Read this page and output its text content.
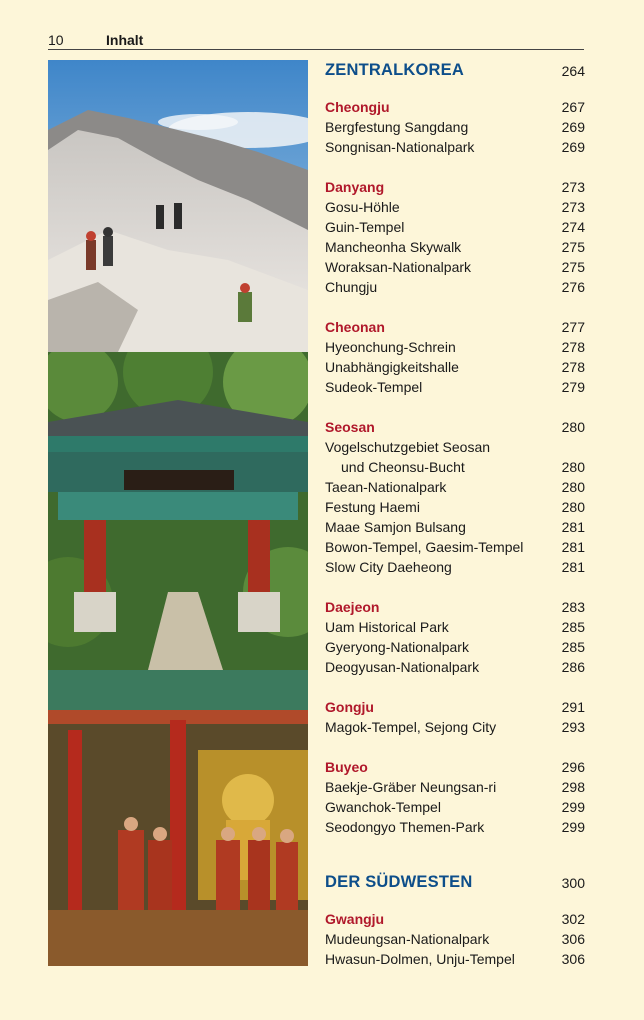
10	Inhalt
ZENTRALKOREA	264
Cheongju	267
Bergfestung Sangdang	269
Songnisan-Nationalpark	269
Danyang	273
Gosu-Höhle	273
Guin-Tempel	274
Mancheonha Skywalk	275
Woraksan-Nationalpark	275
Chungju	276
Cheonan	277
Hyeonchung-Schrein	278
Unabhängigkeitshalle	278
Sudeok-Tempel	279
Seosan	280
Vogelschutzgebiet Seosan
und Cheonsu-Bucht	280
Taean-Nationalpark	280
Festung Haemi	280
Maae Samjon Bulsang	281
Bowon-Tempel, Gaesim-Tempel	281
Slow City Daeheong	281
Daejeon	283
Uam Historical Park	285
Gyeryong-Nationalpark	285
Deogyusan-Nationalpark	286
Gongju	291
Magok-Tempel, Sejong City	293
Buyeo	296
Baekje-Gräber Neungsan-ri	298
Gwanchok-Tempel	299
Seodongyo Themen-Park	299
DER SÜDWESTEN	300
Gwangju	302
Mudeungsan-Nationalpark	306
Hwasun-Dolmen, Unju-Tempel	306
